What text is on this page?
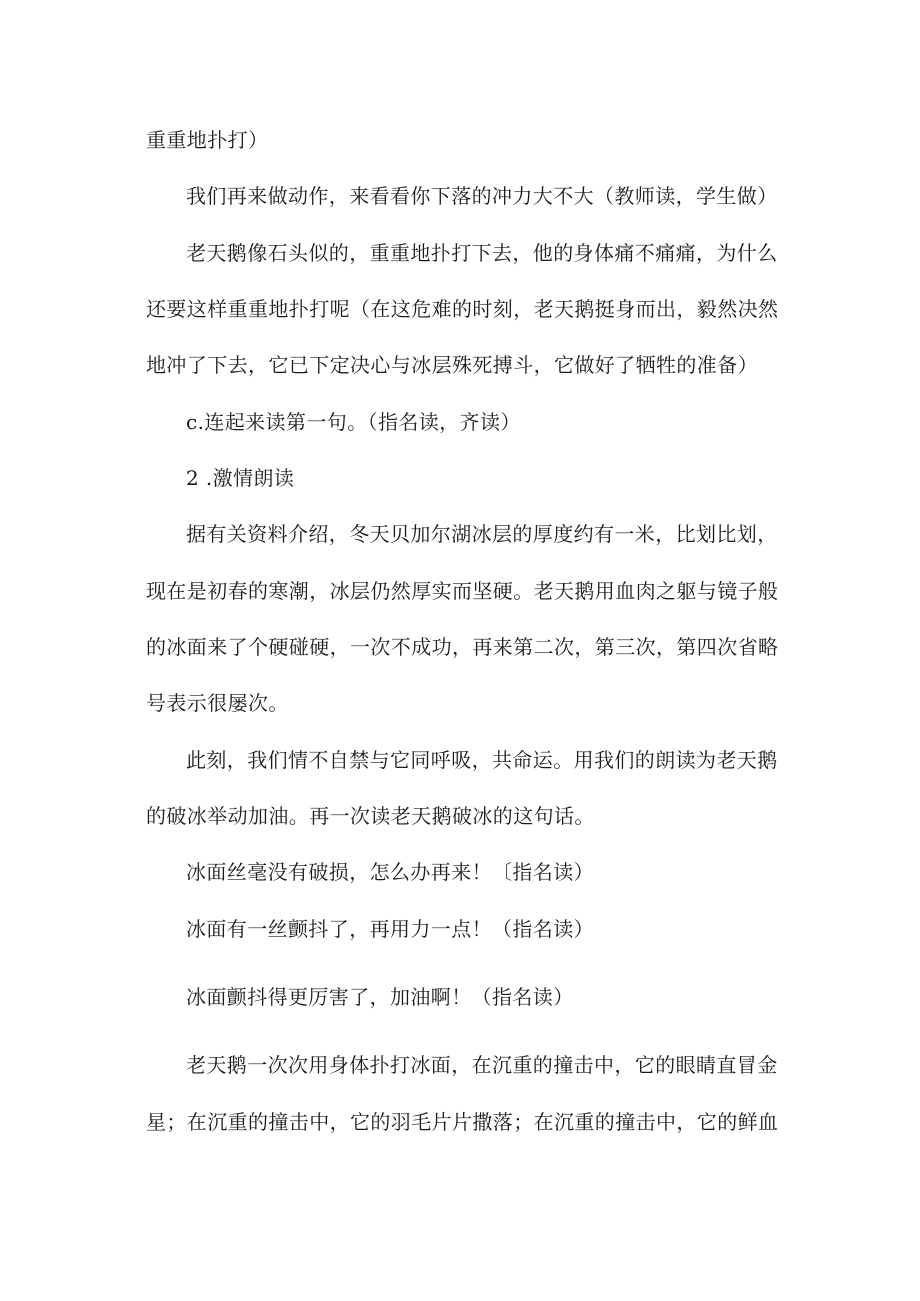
重重地扑打）
我们再来做动作，来看看你下落的冲力大不大（教师读，学生做）
老天鹅像石头似的，重重地扑打下去，他的身体痛不痛痛，为什么
还要这样重重地扑打呢（在这危难的时刻，老天鹅挺身而出，毅然决然
地冲了下去，它已下定决心与冰层殊死搏斗，它做好了牺牲的准备）
c.连起来读第一句。（指名读，齐读）
2 .激情朗读
据有关资料介绍，冬天贝加尔湖冰层的厚度约有一米，比划比划，
现在是初春的寒潮，冰层仍然厚实而坚硬。老天鹅用血肉之躯与镜子般
的冰面来了个硬碰硬，一次不成功，再来第二次，第三次，第四次省略
号表示很屡次。
此刻，我们情不自禁与它同呼吸，共命运。用我们的朗读为老天鹅
的破冰举动加油。再一次读老天鹅破冰的这句话。
冰面丝毫没有破损，怎么办再来！〔指名读）
冰面有一丝颤抖了，再用力一点！（指名读）
冰面颤抖得更厉害了，加油啊！（指名读）
老天鹅一次次用身体扑打冰面，在沉重的撞击中，它的眼睛直冒金
星；在沉重的撞击中，它的羽毛片片撒落；在沉重的撞击中，它的鲜血
